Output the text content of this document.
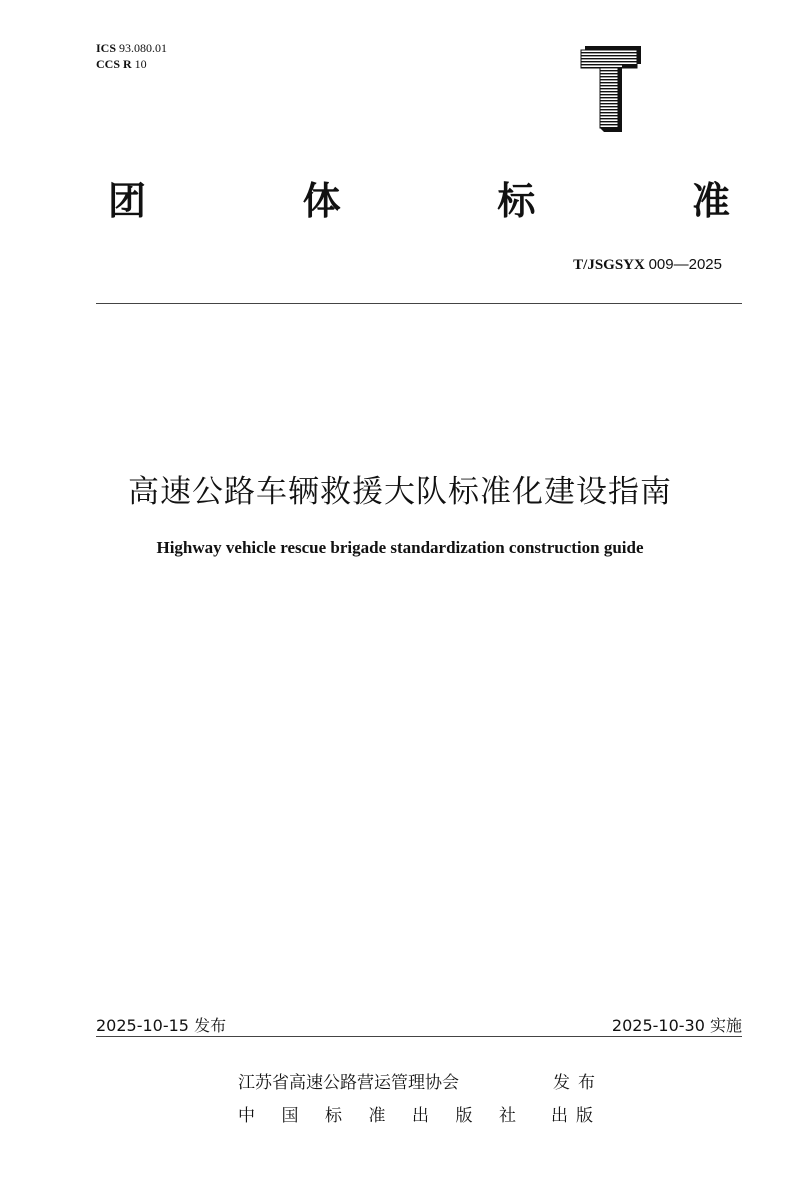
ICS 93.080.01
CCS R 10
团	体	标	准
T/JSGSYX 009—2025
高速公路车辆救援大队标准化建设指南
Highway vehicle rescue brigade standardization construction guide
2025-10-15 发布	2025-10-30 实施
江苏省高速公路营运管理协会	发布
中 国 标 准 出 版 社 出版
